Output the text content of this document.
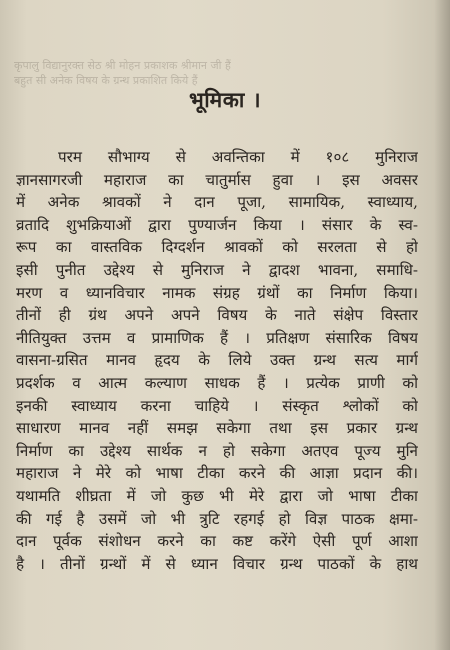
कृपालु विद्यानुरक्त सेठ श्री मोहन प्रकाशक श्रीमान जी हैं
बहुत सी अनेक विषय के ग्रन्थ प्रकाशित किये हैं
भूमिका ।
परम सौभाग्य से अवन्तिका में १०८ मुनिराज
ज्ञानसागरजी महाराज का चातुर्मास हुवा । इस अवसर
में अनेक श्रावकों ने दान पूजा, सामायिक, स्वाध्याय,
व्रतादि शुभक्रियाओं द्वारा पुण्यार्जन किया । संसार के स्व-
रूप का वास्तविक दिग्दर्शन श्रावकों को सरलता से हो
इसी पुनीत उद्देश्य से मुनिराज ने द्वादश भावना, समाधि-
मरण व ध्यानविचार नामक संग्रह ग्रंथों का निर्माण किया।
तीनों ही ग्रंथ अपने अपने विषय के नाते संक्षेप विस्तार
नीतियुक्त उत्तम व प्रामाणिक हैं । प्रतिक्षण संसारिक विषय
वासना-ग्रसित मानव हृदय के लिये उक्त ग्रन्थ सत्य मार्ग
प्रदर्शक व आत्म कल्याण साधक हैं । प्रत्येक प्राणी को
इनकी स्वाध्याय करना चाहिये । संस्कृत श्लोकों को
साधारण मानव नहीं समझ सकेगा तथा इस प्रकार ग्रन्थ
निर्माण का उद्देश्य सार्थक न हो सकेगा अतएव पूज्य मुनि
महाराज ने मेरे को भाषा टीका करने की आज्ञा प्रदान की।
यथामति शीघ्रता में जो कुछ भी मेरे द्वारा जो भाषा टीका
की गई है उसमें जो भी त्रुटि रहगई हो विज्ञ पाठक क्षमा-
दान पूर्वक संशोधन करने का कष्ट करेंगे ऐसी पूर्ण आशा
है । तीनों ग्रन्थों में से ध्यान विचार ग्रन्थ पाठकों के हाथ
